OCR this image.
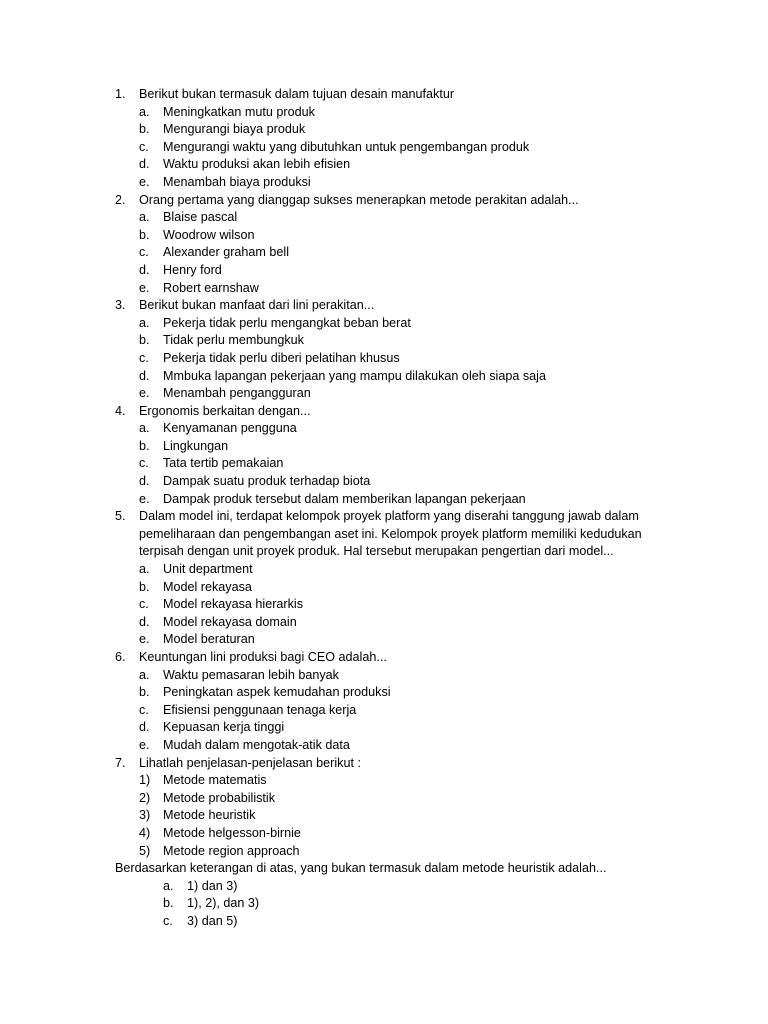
1. Berikut bukan termasuk dalam tujuan desain manufaktur
a. Meningkatkan mutu produk
b. Mengurangi biaya produk
c. Mengurangi waktu yang dibutuhkan untuk pengembangan produk
d. Waktu produksi akan lebih efisien
e. Menambah biaya produksi
2. Orang pertama yang dianggap sukses menerapkan metode perakitan adalah...
a. Blaise pascal
b. Woodrow wilson
c. Alexander graham bell
d. Henry ford
e. Robert earnshaw
3. Berikut bukan manfaat dari lini perakitan...
a. Pekerja tidak perlu mengangkat beban berat
b. Tidak perlu membungkuk
c. Pekerja tidak perlu diberi pelatihan khusus
d. Mmbuka lapangan pekerjaan yang mampu dilakukan oleh siapa saja
e. Menambah pengangguran
4. Ergonomis berkaitan dengan...
a. Kenyamanan pengguna
b. Lingkungan
c. Tata tertib pemakaian
d. Dampak suatu produk terhadap biota
e. Dampak produk tersebut dalam memberikan lapangan pekerjaan
5. Dalam model ini, terdapat kelompok proyek platform yang diserahi tanggung jawab dalam
pemeliharaan dan pengembangan aset ini. Kelompok proyek platform memiliki kedudukan
terpisah dengan unit proyek produk. Hal tersebut merupakan pengertian dari model...
a. Unit department
b. Model rekayasa
c. Model rekayasa hierarkis
d. Model rekayasa domain
e. Model beraturan
6. Keuntungan lini produksi bagi CEO adalah...
a. Waktu pemasaran lebih banyak
b. Peningkatan aspek kemudahan produksi
c. Efisiensi penggunaan tenaga kerja
d. Kepuasan kerja tinggi
e. Mudah dalam mengotak-atik data
7. Lihatlah penjelasan-penjelasan berikut :
1) Metode matematis
2) Metode probabilistik
3) Metode heuristik
4) Metode helgesson-birnie
5) Metode region approach
Berdasarkan keterangan di atas, yang bukan termasuk dalam metode heuristik adalah...
a. 1) dan 3)
b. 1), 2), dan 3)
c. 3) dan 5)
